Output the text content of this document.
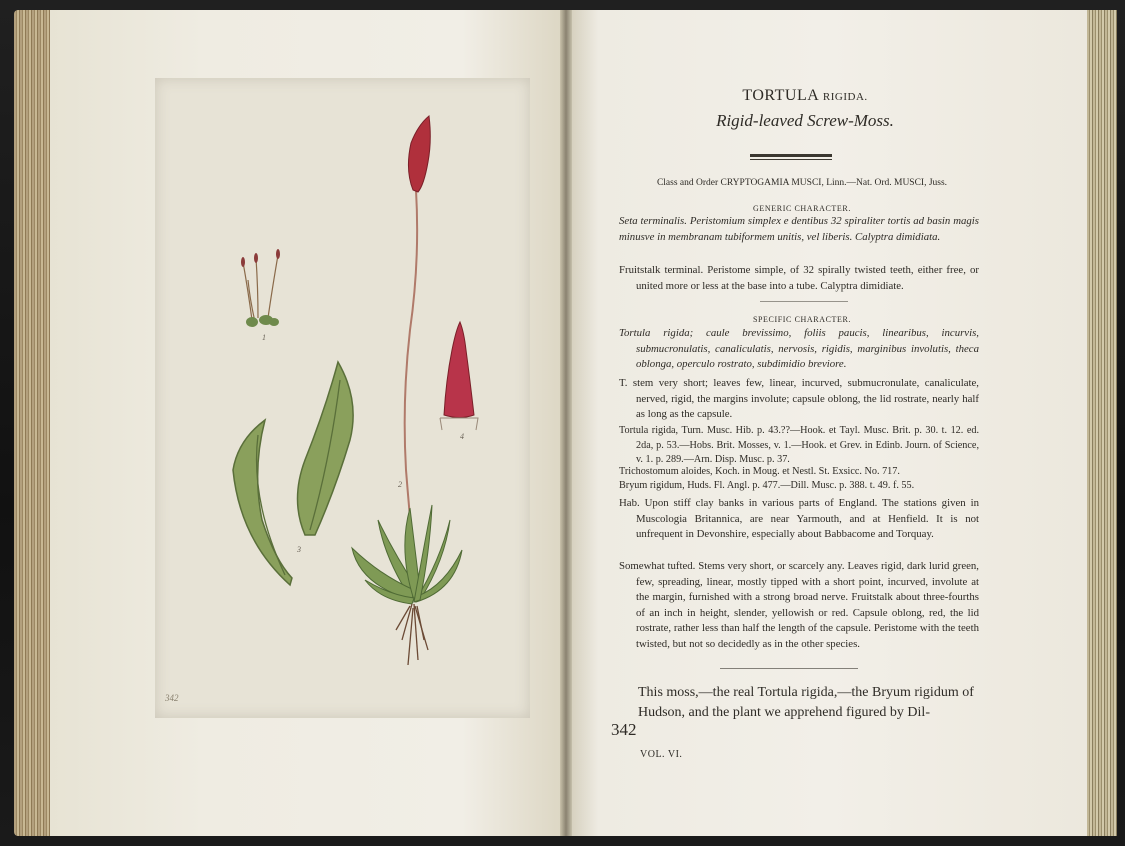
1
2
3
4
342
TORTULA RIGIDA.
Rigid-leaved Screw-Moss.
Class and Order CRYPTOGAMIA MUSCI, Linn.—Nat. Ord. MUSCI, Juss.
GENERIC CHARACTER.
Seta terminalis. Peristomium simplex e dentibus 32 spiraliter tortis ad basin magis minusve in membranam tubiformem unitis, vel liberis. Calyptra dimidiata.
Fruitstalk terminal. Peristome simple, of 32 spirally twisted teeth, either free, or united more or less at the base into a tube. Calyptra dimidiate.
SPECIFIC CHARACTER.
Tortula rigida; caule brevissimo, foliis paucis, linearibus, incurvis, submucronulatis, canaliculatis, nervosis, rigidis, marginibus involutis, theca oblonga, operculo rostrato, subdimidio breviore.
T. stem very short; leaves few, linear, incurved, submucronulate, canaliculate, nerved, rigid, the margins involute; capsule oblong, the lid rostrate, nearly half as long as the capsule.
Tortula rigida, Turn. Musc. Hib. p. 43.??—Hook. et Tayl. Musc. Brit. p. 30. t. 12. ed. 2da, p. 53.—Hobs. Brit. Mosses, v. 1.—Hook. et Grev. in Edinb. Journ. of Science, v. 1. p. 289.—Arn. Disp. Musc. p. 37.
Trichostomum aloides, Koch. in Moug. et Nestl. St. Exsicc. No. 717.
Bryum rigidum, Huds. Fl. Angl. p. 477.—Dill. Musc. p. 388. t. 49. f. 55.
Hab. Upon stiff clay banks in various parts of England. The stations given in Muscologia Britannica, are near Yarmouth, and at Henfield. It is not unfrequent in Devonshire, especially about Babbacome and Torquay.
Somewhat tufted. Stems very short, or scarcely any. Leaves rigid, dark lurid green, few, spreading, linear, mostly tipped with a short point, incurved, involute at the margin, furnished with a strong broad nerve. Fruitstalk about three-fourths of an inch in height, slender, yellowish or red. Capsule oblong, red, the lid rostrate, rather less than half the length of the capsule. Peristome with the teeth twisted, but not so decidedly as in the other species.
This moss,—the real Tortula rigida,—the Bryum rigidum of Hudson, and the plant we apprehend figured by Dil-
342
VOL. VI.
